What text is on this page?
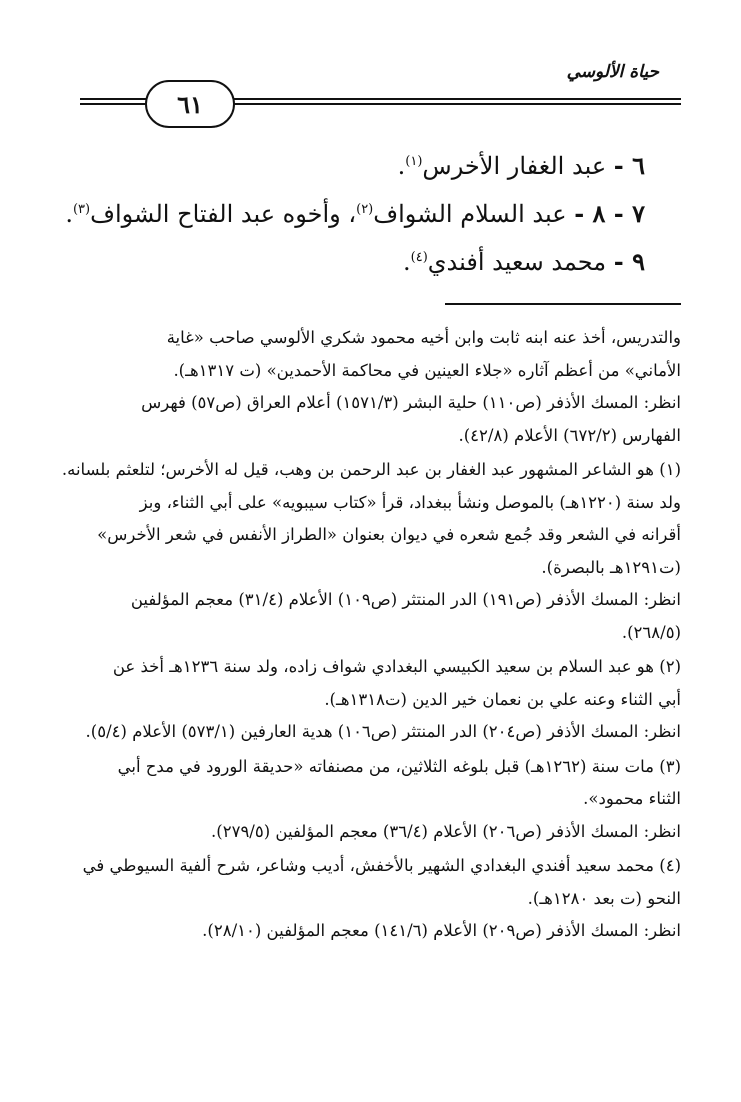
حياة الألوسي
٦١
٦ - عبد الغفار الأخرس$^{(١)}$.
٧ - ٨ - عبد السلام الشواف$^{(٢)}$، وأخوه عبد الفتاح الشواف$^{(٣)}$.
٩ - محمد سعيد أفندي$^{(٤)}$.
والتدريس، أخذ عنه ابنه ثابت وابن أخيه محمود شكري الألوسي صاحب «غاية
الأماني» من أعظم آثاره «جلاء العينين في محاكمة الأحمدين» (ت ١٣١٧هـ).
انظر: المسك الأذفر (ص١١٠) حلية البشر (١٥٧١/٣) أعلام العراق (ص٥٧) فهرس
الفهارس (٦٧٢/٢) الأعلام (٤٢/٨).
(١) هو الشاعر المشهور عبد الغفار بن عبد الرحمن بن وهب، قيل له الأخرس؛ لتلعثم بلسانه.
ولد سنة (١٢٢٠هـ) بالموصل ونشأ ببغداد، قرأ «كتاب سيبويه» على أبي الثناء، وبز
أقرانه في الشعر وقد جُمع شعره في ديوان بعنوان «الطراز الأنفس في شعر الأخرس»
(ت١٢٩١هـ بالبصرة).
انظر: المسك الأذفر (ص١٩١) الدر المنتثر (ص١٠٩) الأعلام (٣١/٤) معجم المؤلفين
(٢٦٨/٥).
(٢) هو عبد السلام بن سعيد الكبيسي البغدادي شواف زاده، ولد سنة ١٢٣٦هـ أخذ عن
أبي الثناء وعنه علي بن نعمان خير الدين (ت١٣١٨هـ).
انظر: المسك الأذفر (ص٢٠٤) الدر المنتثر (ص١٠٦) هدية العارفين (٥٧٣/١) الأعلام (٥/٤).
(٣) مات سنة (١٢٦٢هـ) قبل بلوغه الثلاثين، من مصنفاته «حديقة الورود في مدح أبي
الثناء محمود».
انظر: المسك الأذفر (ص٢٠٦) الأعلام (٣٦/٤) معجم المؤلفين (٢٧٩/٥).
(٤) محمد سعيد أفندي البغدادي الشهير بالأخفش، أديب وشاعر، شرح ألفية السيوطي في
النحو (ت بعد ١٢٨٠هـ).
انظر: المسك الأذفر (ص٢٠٩) الأعلام (١٤١/٦) معجم المؤلفين (٢٨/١٠).
